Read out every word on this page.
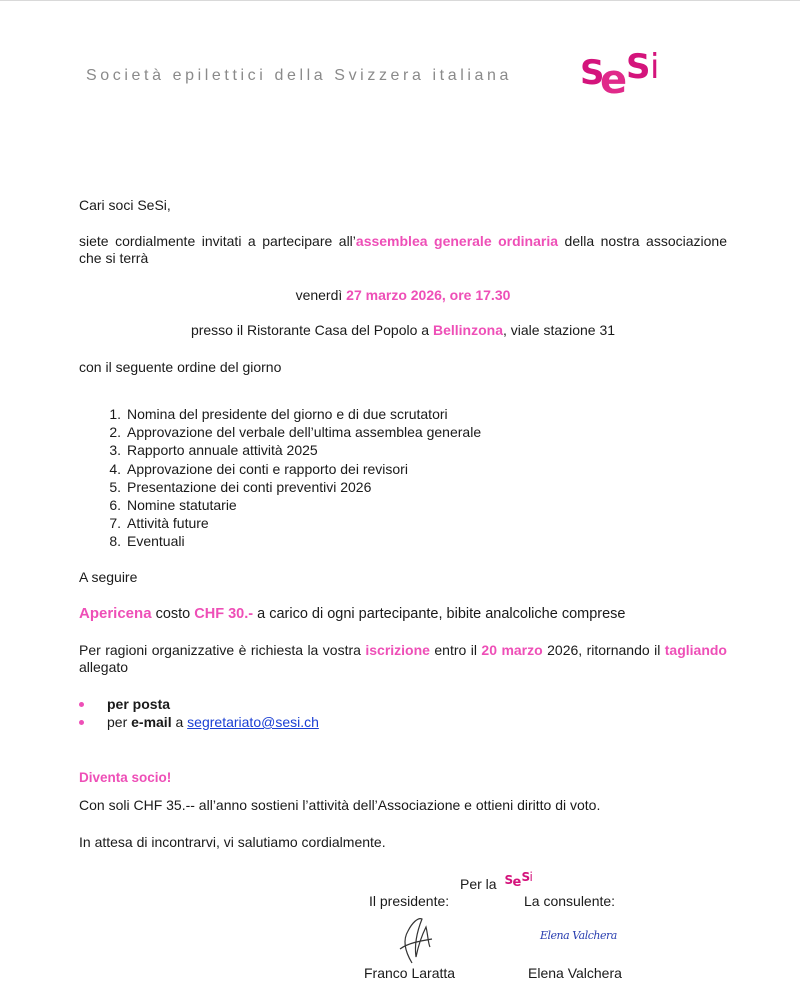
Società epilettici della Svizzera italiana S
e
S i
Cari soci SeSi,
siete cordialmente invitati a partecipare all’assemblea generale ordinaria della nostra associazione che si terrà
venerdì 27 marzo 2026, ore 17.30
presso il Ristorante Casa del Popolo a Bellinzona, viale stazione 31
con il seguente ordine del giorno
1. Nomina del presidente del giorno e di due scrutatori
2. Approvazione del verbale dell’ultima assemblea generale
3. Rapporto annuale attività 2025
4. Approvazione dei conti e rapporto dei revisori
5. Presentazione dei conti preventivi 2026
6. Nomine statutarie
7. Attività future
8. Eventuali
A seguire
Apericena costo CHF 30.- a carico di ogni partecipante, bibite analcoliche comprese
Per ragioni organizzative è richiesta la vostra iscrizione entro il 20 marzo 2026, ritornando il tagliando allegato
per posta
per e-mail a segretariato@sesi.ch
Diventa socio!
Con soli CHF 35.-- all’anno sostieni l’attività dell’Associazione e ottieni diritto di voto.
In attesa di incontrarvi, vi salutiamo cordialmente.
Per la S e S i
Il presidente:	La consulente:
Elena Valchera
Franco Laratta	Elena Valchera
